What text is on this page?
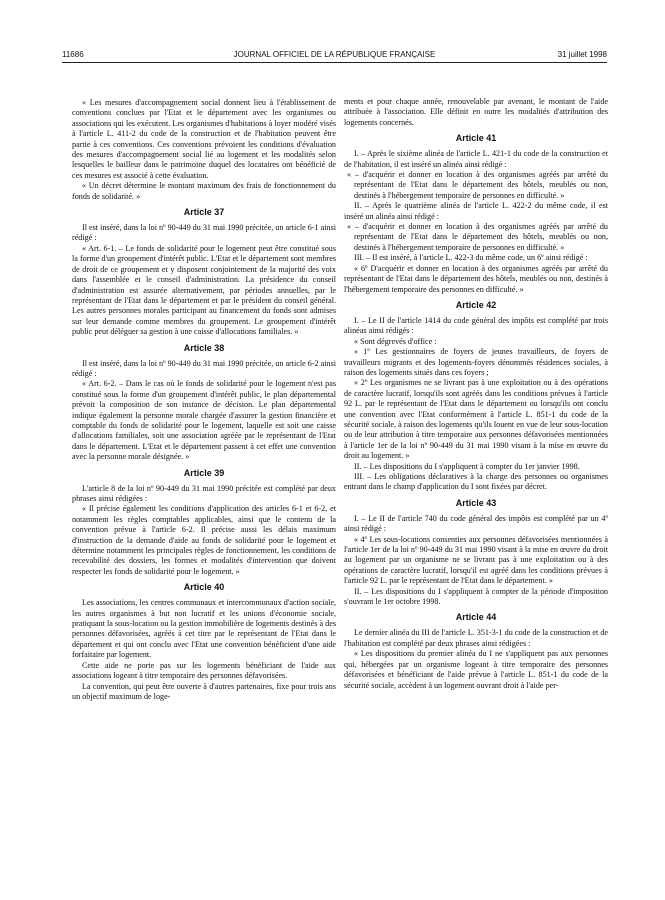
11686	JOURNAL OFFICIEL DE LA RÉPUBLIQUE FRANÇAISE	31 juillet 1998

« Les mesures d'accompagnement social donnent lieu à l'établissement de conventions conclues par l'Etat et le département avec les organismes ou associations qui les exécutent. Les organismes d'habitations à loyer modéré visés à l'article L. 411-2 du code de la construction et de l'habitation peuvent être partie à ces conventions. Ces conventions prévoient les conditions d'évaluation des mesures d'accompagnement social lié au logement et les modalités selon lesquelles le bailleur dans le patrimoine duquel des locataires ont bénéficié de ces mesures est associé à cette évaluation.

« Un décret détermine le montant maximum des frais de fonctionnement du fonds de solidarité. »

Article 37

Il est inséré, dans la loi nº 90-449 du 31 mai 1990 précitée, un article 6-1 ainsi rédigé :

« Art. 6-1. – Le fonds de solidarité pour le logement peut être constitué sous la forme d'un groupement d'intérêt public. L'Etat et le département sont membres de droit de ce groupement et y disposent conjointement de la majorité des voix dans l'assemblée et le conseil d'administration. La présidence du conseil d'administration est assurée alternativement, par périodes annuelles, par le représentant de l'Etat dans le département et par le président du conseil général. Les autres personnes morales participant au financement du fonds sont admises sur leur demande comme membres du groupement. Le groupement d'intérêt public peut déléguer sa gestion à une caisse d'allocations familiales. »

Article 38

Il est inséré, dans la loi nº 90-449 du 31 mai 1990 précitée, un article 6-2 ainsi rédigé :

« Art. 6-2. – Dans le cas où le fonds de solidarité pour le logement n'est pas constitué sous la forme d'un groupement d'intérêt public, le plan départemental prévoit la composition de son instance de décision. Le plan départemental indique également la personne morale chargée d'assurer la gestion financière et comptable du fonds de solidarité pour le logement, laquelle est soit une caisse d'allocations familiales, soit une association agréée par le représentant de l'Etat dans le département. L'Etat et le département passent à cet effet une convention avec la personne morale désignée. »

Article 39

L'article 8 de la loi nº 90-449 du 31 mai 1990 précitée est complété par deux phrases ainsi rédigées :

« Il précise également les conditions d'application des articles 6-1 et 6-2, et notamment les règles comptables applicables, ainsi que le contenu de la convention prévue à l'article 6-2. Il précise aussi les délais maximum d'instruction de la demande d'aide au fonds de solidarité pour le logement et détermine notamment les principales règles de fonctionnement, les conditions de recevabilité des dossiers, les formes et modalités d'intervention que doivent respecter les fonds de solidarité pour le logement. »

Article 40

Les associations, les centres communaux et intercommunaux d'action sociale, les autres organismes à but non lucratif et les unions d'économie sociale, pratiquant la sous-location ou la gestion immobilière de logements destinés à des personnes défavorisées, agréés à cet titre par le représentant de l'Etat dans le département et qui ont conclu avec l'Etat une convention bénéficient d'une aide forfaitaire par logement.

Cette aide ne porte pas sur les logements bénéficiant de l'aide aux associations logeant à titre temporaire des personnes défavorisées.

La convention, qui peut être ouverte à d'autres partenaires, fixe pour trois ans un objectif maximum de loge-

ments et pour chaque année, renouvelable par avenant, le montant de l'aide attribuée à l'association. Elle définit en outre les modalités d'attribution des logements concernés.

Article 41

I. – Après le sixième alinéa de l'article L. 421-1 du code de la construction et de l'habitation, il est inséré un alinéa ainsi rédigé :

« – d'acquérir et donner en location à des organismes agréés par arrêté du représentant de l'Etat dans le département des hôtels, meublés ou non, destinés à l'hébergement temporaire de personnes en difficulté. »

II. – Après le quatrième alinéa de l'article L. 422-2 du même code, il est inséré un alinéa ainsi rédigé :

« – d'acquérir et donner en location à des organismes agréés par arrêté du représentant de l'Etat dans le département des hôtels, meublés ou non, destinés à l'hébergement temporaire de personnes en difficulté. »

III. – Il est inséré, à l'article L. 422-3 du même code, un 6º ainsi rédigé :

« 6º D'acquérir et donner en location à des organismes agréés par arrêté du représentant de l'Etat dans le département des hôtels, meublés ou non, destinés à l'hébergement temporaire des personnes en difficulté. »

Article 42

I. – Le II de l'article 1414 du code général des impôts est complété par trois alinéas ainsi rédigés :

« Sont dégrevés d'office :

« 1º Les gestionnaires de foyers de jeunes travailleurs, de foyers de travailleurs migrants et des logements-foyers dénommés résidences sociales, à raison des logements situés dans ces foyers ;

« 2º Les organismes ne se livrant pas à une exploitation ou à des opérations de caractère lucratif, lorsqu'ils sont agréés dans les conditions prévues à l'article 92 L. par le représentant de l'Etat dans le département ou lorsqu'ils ont conclu une convention avec l'Etat conformément à l'article L. 851-1 du code de la sécurité sociale, à raison des logements qu'ils louent en vue de leur sous-location ou de leur attribution à titre temporaire aux personnes défavorisées mentionnées à l'article 1er de la loi nº 90-449 du 31 mai 1990 visant à la mise en œuvre du droit au logement. »

II. – Les dispositions du I s'appliquent à compter du 1er janvier 1998.

III. – Les obligations déclaratives à la charge des personnes ou organismes entrant dans le champ d'application du I sont fixées par décret.

Article 43

I. – Le II de l'article 740 du code général des impôts est complété par un 4º ainsi rédigé :

« 4º Les sous-locations consenties aux personnes défavorisées mentionnées à l'article 1er de la loi nº 90-449 du 31 mai 1990 visant à la mise en œuvre du droit au logement par un organisme ne se livrant pas à une exploitation ou à des opérations de caractère lucratif, lorsqu'il est agréé dans les conditions prévues à l'article 92 L. par le représentant de l'Etat dans le département. »

II. – Les dispositions du I s'appliquent à compter de la période d'imposition s'ouvrant le 1er octobre 1998.

Article 44

Le dernier alinéa du III de l'article L. 351-3-1 du code de la construction et de l'habitation est complété par deux phrases ainsi rédigées :

« Les dispositions du premier alinéa du I ne s'appliquent pas aux personnes qui, hébergées par un organisme logeant à titre temporaire des personnes défavorisées et bénéficiant de l'aide prévue à l'article L. 851-1 du code de la sécurité sociale, accèdent à un logement ouvrant droit à l'aide per-
